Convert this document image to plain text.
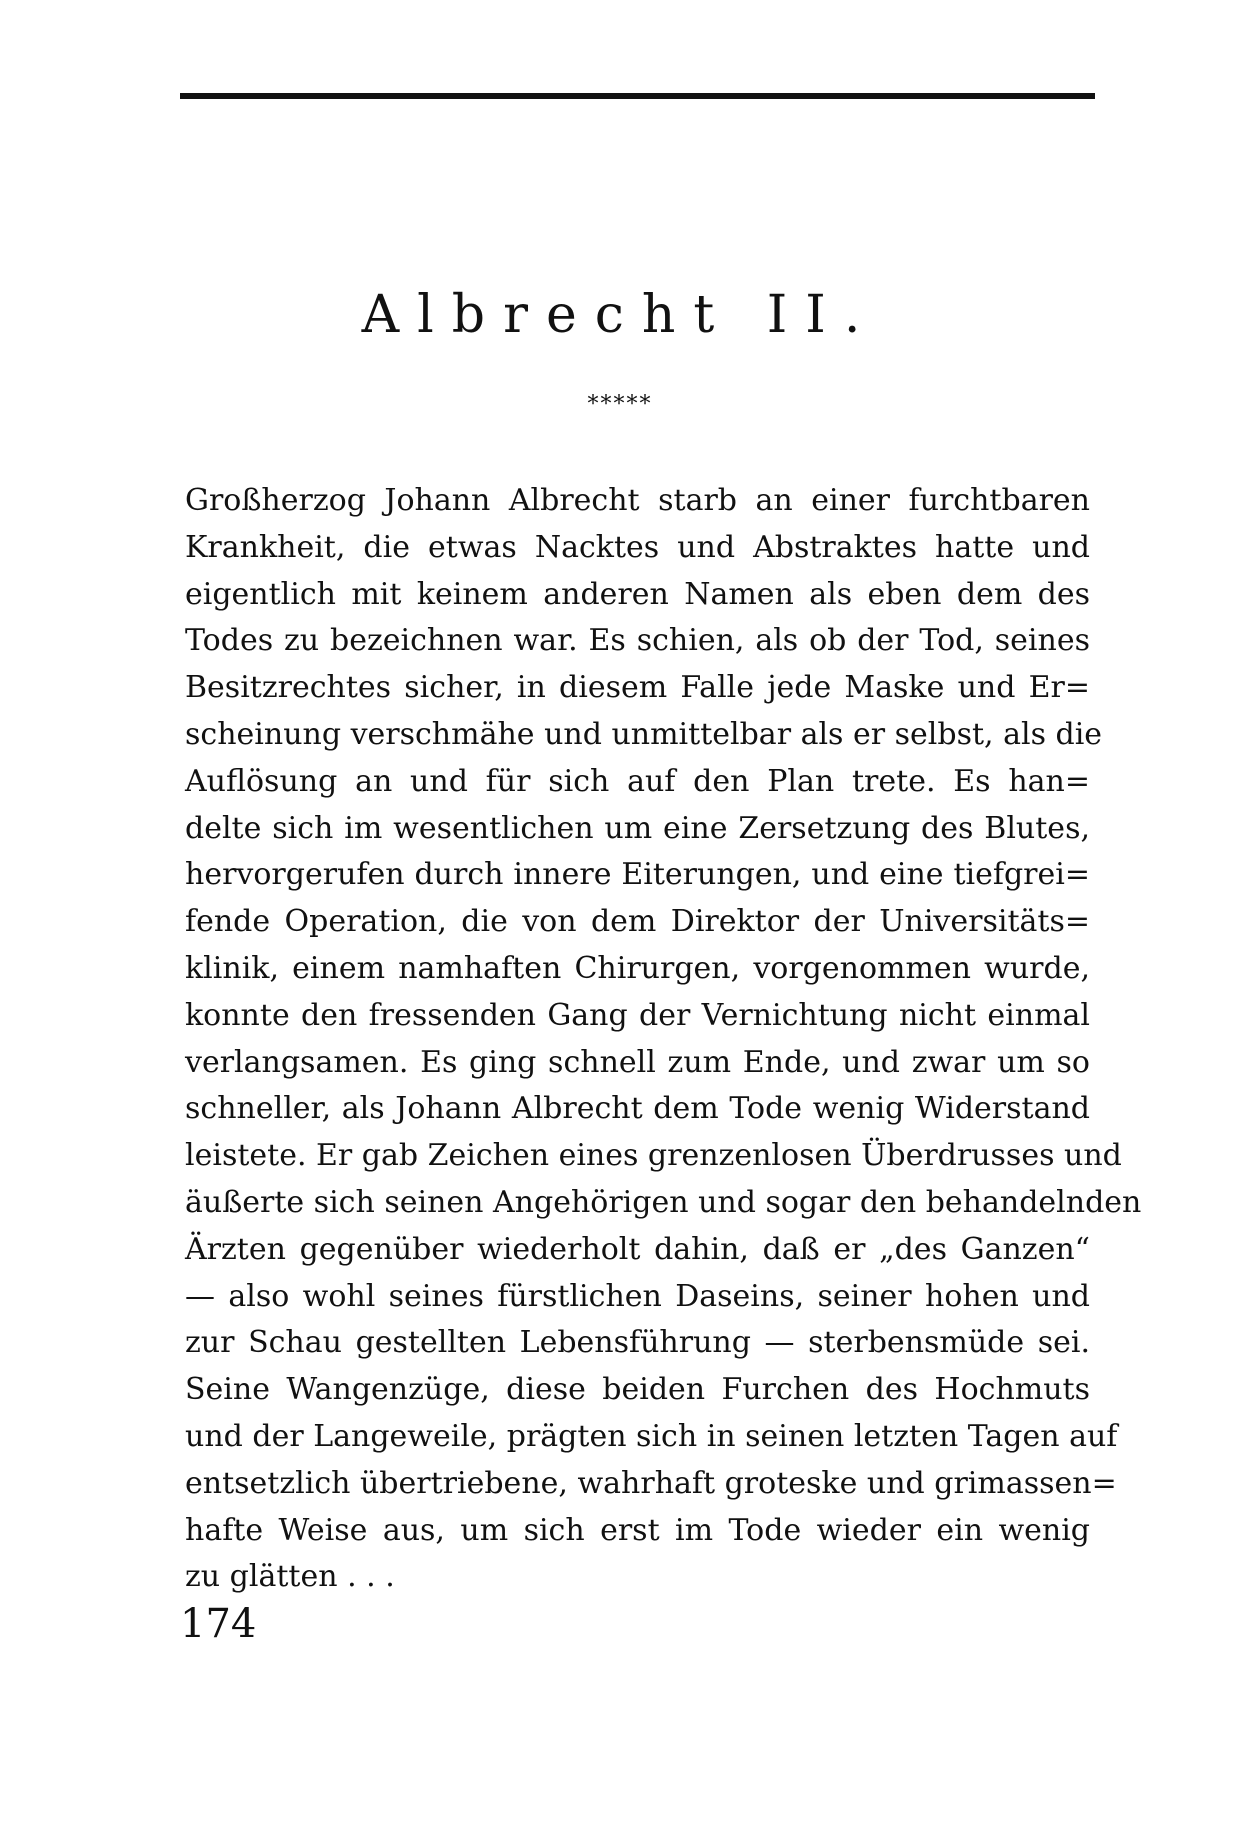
Albrecht II.
*****
Großherzog Johann Albrecht starb an einer furchtbaren
Krankheit, die etwas Nacktes und Abstraktes hatte und
eigentlich mit keinem anderen Namen als eben dem des
Todes zu bezeichnen war. Es schien, als ob der Tod, seines
Besitzrechtes sicher, in diesem Falle jede Maske und Er=
scheinung verschmähe und unmittelbar als er selbst, als die
Auflösung an und für sich auf den Plan trete. Es han=
delte sich im wesentlichen um eine Zersetzung des Blutes,
hervorgerufen durch innere Eiterungen, und eine tiefgrei=
fende Operation, die von dem Direktor der Universitäts=
klinik, einem namhaften Chirurgen, vorgenommen wurde,
konnte den fressenden Gang der Vernichtung nicht einmal
verlangsamen. Es ging schnell zum Ende, und zwar um so
schneller, als Johann Albrecht dem Tode wenig Widerstand
leistete. Er gab Zeichen eines grenzenlosen Überdrusses und
äußerte sich seinen Angehörigen und sogar den behandelnden
Ärzten gegenüber wiederholt dahin, daß er „des Ganzen“
— also wohl seines fürstlichen Daseins, seiner hohen und
zur Schau gestellten Lebensführung — sterbensmüde sei.
Seine Wangenzüge, diese beiden Furchen des Hochmuts
und der Langeweile, prägten sich in seinen letzten Tagen auf
entsetzlich übertriebene, wahrhaft groteske und grimassen=
hafte Weise aus, um sich erst im Tode wieder ein wenig
zu glätten . . .
174
